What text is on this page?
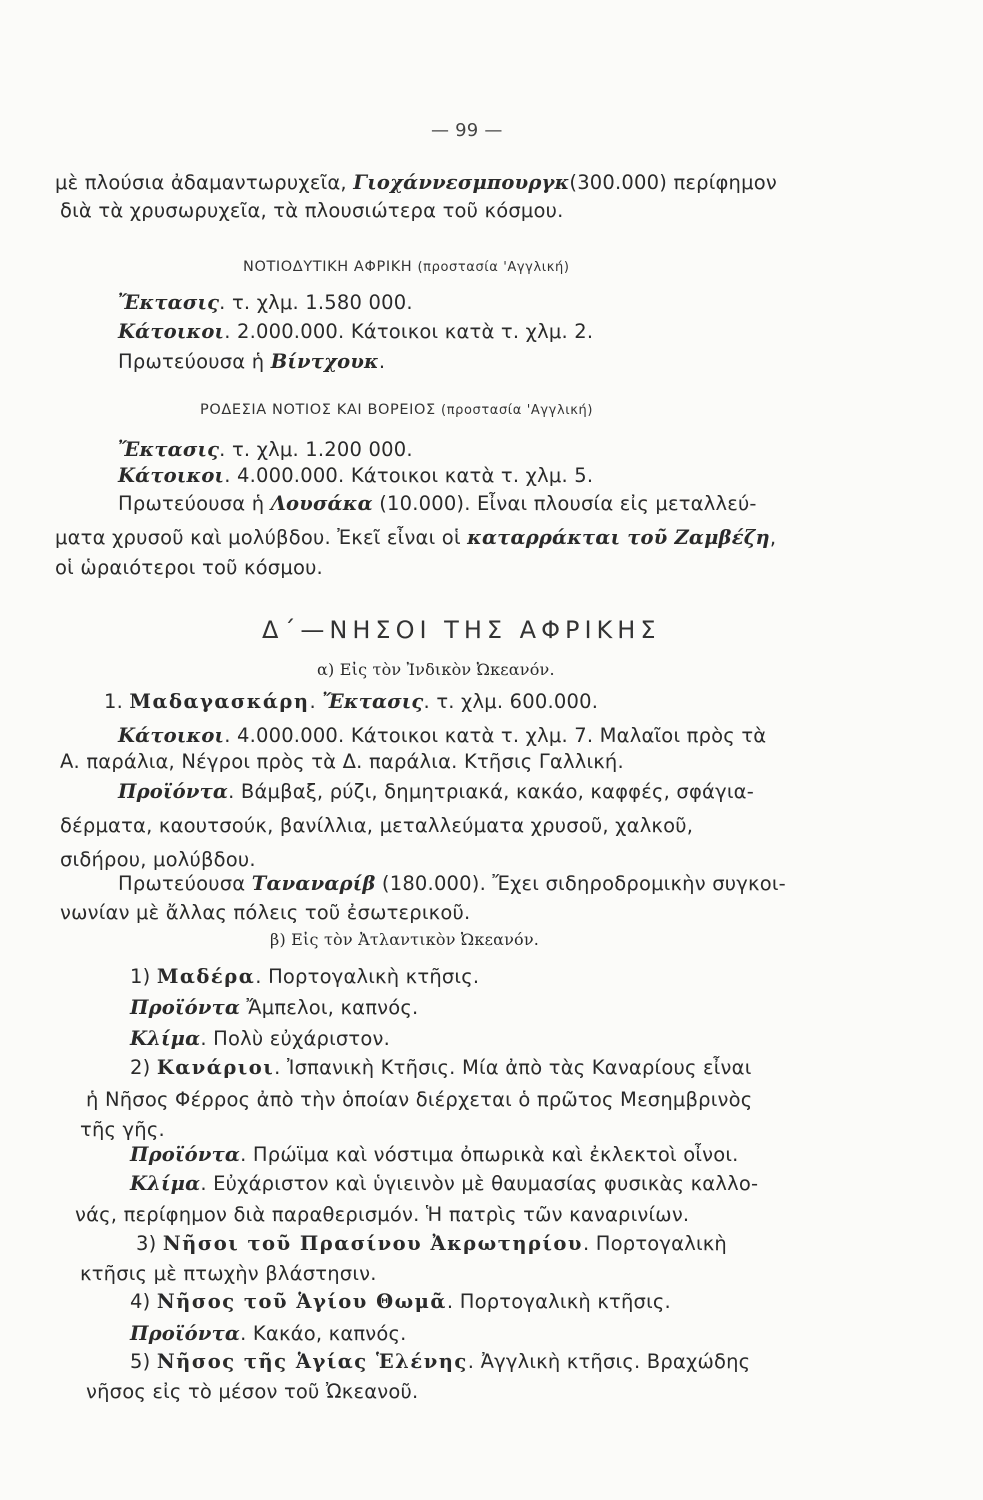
— 99 —
μὲ πλούσια ἀδαμαντωρυχεῖα, Γιοχάννεσμπουργκ(300.000) περίφημον
διὰ τὰ χρυσωρυχεῖα, τὰ πλουσιώτερα τοῦ κόσμου.
ΝΟΤΙΟΔΥΤΙΚΗ ΑΦΡΙΚΗ (προστασία 'Αγγλική)
Ἔκτασις. τ. χλμ. 1.580 000.
Κάτοικοι. 2.000.000. Κάτοικοι κατὰ τ. χλμ. 2.
Πρωτεύουσα ἡ Βίντχουκ.
ΡΟΔΕΣΙΑ ΝΟΤΙΟΣ ΚΑΙ ΒΟΡΕΙΟΣ (προστασία 'Αγγλική)
Ἔκτασις. τ. χλμ. 1.200 000.
Κάτοικοι. 4.000.000. Κάτοικοι κατὰ τ. χλμ. 5.
Πρωτεύουσα ἡ Λουσάκα (10.000). Εἶναι πλουσία εἰς μεταλλεύ-
ματα χρυσοῦ καὶ μολύβδου. Ἐκεῖ εἶναι οἱ καταρράκται τοῦ Ζαμβέζη,
οἱ ὡραιότεροι τοῦ κόσμου.
Δ΄—ΝΗΣΟΙ ΤΗΣ ΑΦΡΙΚΗΣ
α) Εἰς τὸν Ἰνδικὸν Ὠκεανόν.
1. Μαδαγασκάρη. Ἔκτασις. τ. χλμ. 600.000.
Κάτοικοι. 4.000.000. Κάτοικοι κατὰ τ. χλμ. 7. Μαλαῖοι πρὸς τὰ
Α. παράλια, Νέγροι πρὸς τὰ Δ. παράλια. Κτῆσις Γαλλική.
Προϊόντα. Βάμβαξ, ρύζι, δημητριακά, κακάο, καφφές, σφάγια-
δέρματα, καουτσούκ, βανίλλια, μεταλλεύματα χρυσοῦ, χαλκοῦ,
σιδήρου, μολύβδου.
Πρωτεύουσα Ταναναρίβ (180.000). Ἔχει σιδηροδρομικὴν συγκοι-
νωνίαν μὲ ἄλλας πόλεις τοῦ ἐσωτερικοῦ.
β) Εἰς τὸν Ἀτλαντικὸν Ὠκεανόν.
1) Μαδέρα. Πορτογαλικὴ κτῆσις.
Προϊόντα Ἄμπελοι, καπνός.
Κλίμα. Πολὺ εὐχάριστον.
2) Κανάριοι. Ἰσπανικὴ Κτῆσις. Μία ἀπὸ τὰς Καναρίους εἶναι
ἡ Νῆσος Φέρρος ἀπὸ τὴν ὁποίαν διέρχεται ὁ πρῶτος Μεσημβρινὸς
τῆς γῆς.
Προϊόντα. Πρώϊμα καὶ νόστιμα ὀπωρικὰ καὶ ἐκλεκτοὶ οἶνοι.
Κλίμα. Εὐχάριστον καὶ ὑγιεινὸν μὲ θαυμασίας φυσικὰς καλλο-
νάς, περίφημον διὰ παραθερισμόν. Ἡ πατρὶς τῶν καναρινίων.
3) Νῆσοι τοῦ Πρασίνου Ἀκρωτηρίου. Πορτογαλικὴ
κτῆσις μὲ πτωχὴν βλάστησιν.
4) Νῆσος τοῦ Ἁγίου Θωμᾶ. Πορτογαλικὴ κτῆσις.
Προϊόντα. Κακάο, καπνός.
5) Νῆσος τῆς Ἁγίας Ἑλένης. Ἀγγλικὴ κτῆσις. Βραχώδης
νῆσος εἰς τὸ μέσον τοῦ Ὠκεανοῦ.
